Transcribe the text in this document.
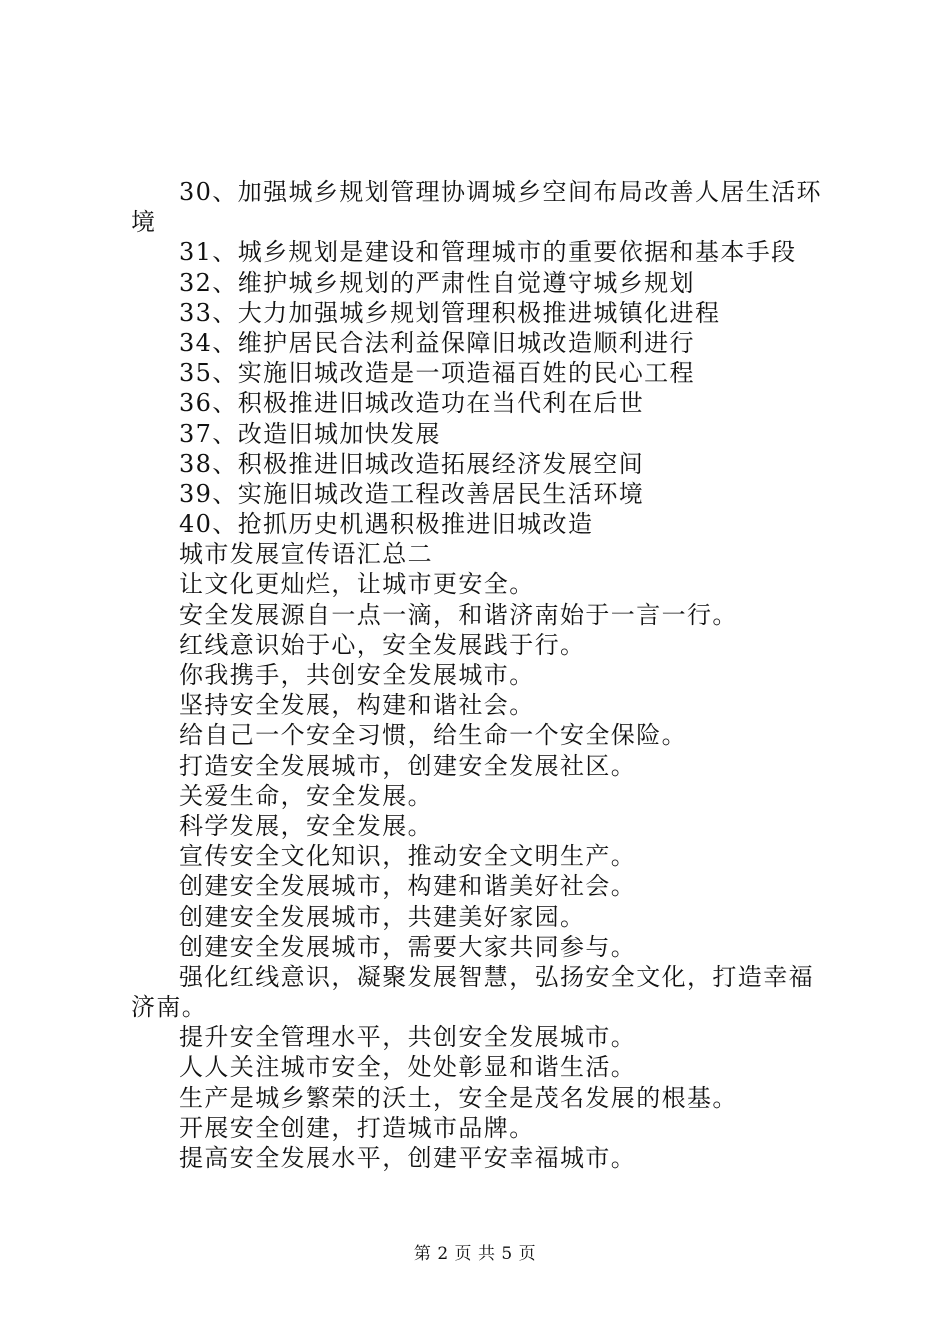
30、加强城乡规划管理协调城乡空间布局改善人居生活环
境
31、城乡规划是建设和管理城市的重要依据和基本手段
32、维护城乡规划的严肃性自觉遵守城乡规划
33、大力加强城乡规划管理积极推进城镇化进程
34、维护居民合法利益保障旧城改造顺利进行
35、实施旧城改造是一项造福百姓的民心工程
36、积极推进旧城改造功在当代利在后世
37、改造旧城加快发展
38、积极推进旧城改造拓展经济发展空间
39、实施旧城改造工程改善居民生活环境
40、抢抓历史机遇积极推进旧城改造
城市发展宣传语汇总二
让文化更灿烂，让城市更安全。
安全发展源自一点一滴，和谐济南始于一言一行。
红线意识始于心，安全发展践于行。
你我携手，共创安全发展城市。
坚持安全发展，构建和谐社会。
给自己一个安全习惯，给生命一个安全保险。
打造安全发展城市，创建安全发展社区。
关爱生命，安全发展。
科学发展，安全发展。
宣传安全文化知识，推动安全文明生产。
创建安全发展城市，构建和谐美好社会。
创建安全发展城市，共建美好家园。
创建安全发展城市，需要大家共同参与。
强化红线意识，凝聚发展智慧，弘扬安全文化，打造幸福
济南。
提升安全管理水平，共创安全发展城市。
人人关注城市安全，处处彰显和谐生活。
生产是城乡繁荣的沃土，安全是茂名发展的根基。
开展安全创建，打造城市品牌。
提高安全发展水平，创建平安幸福城市。
第 2 页 共 5 页
